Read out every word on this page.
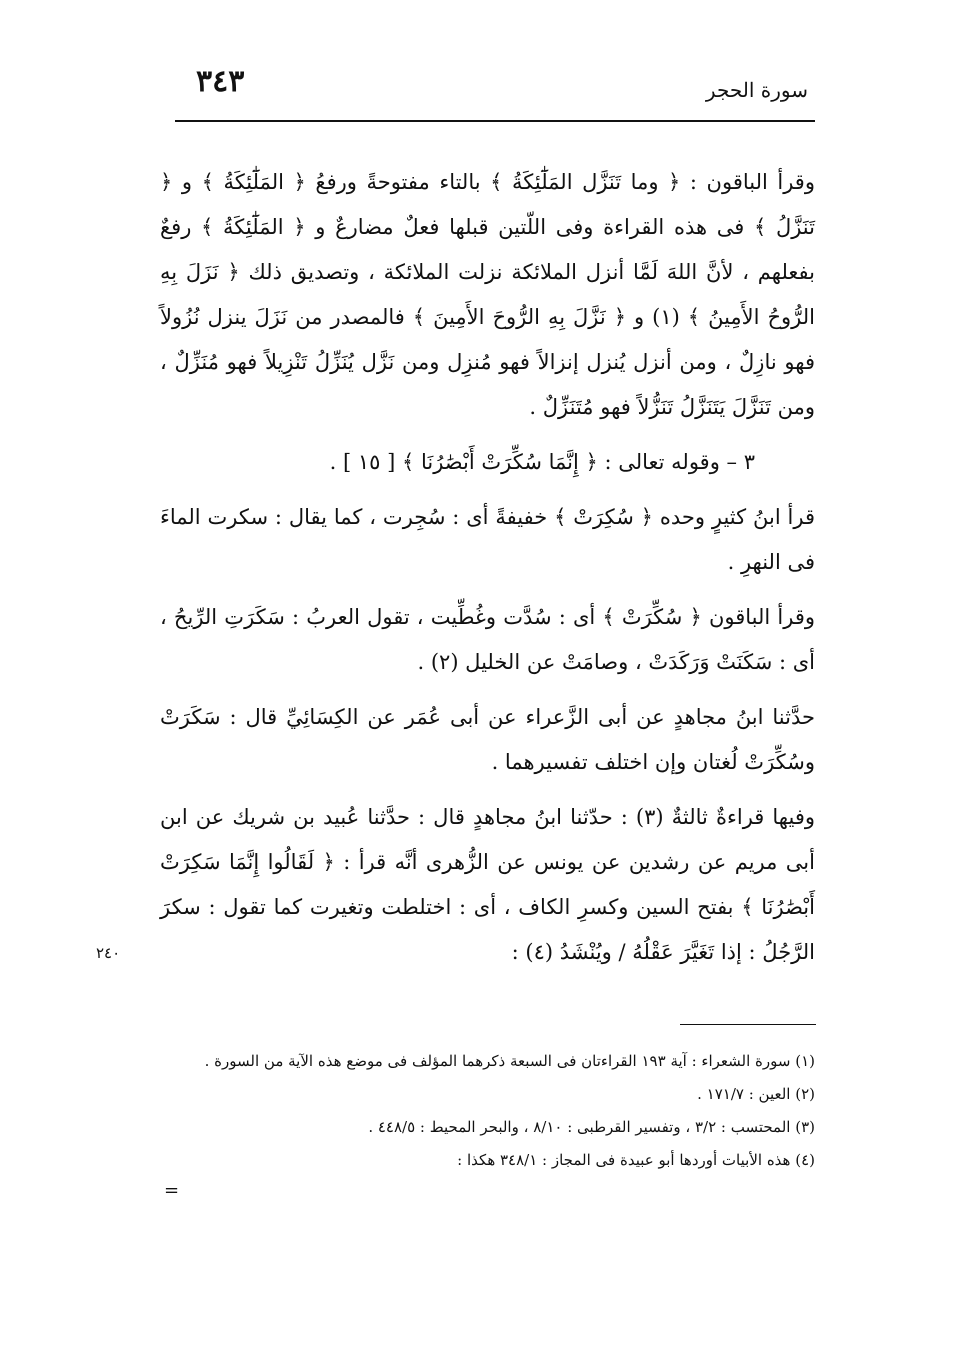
٣٤٣	سورة الحجر

وقرأ الباقون : ﴿ وما تَنَزَّل المَلَٰٓئِكَةُ ﴾ بالتاء مفتوحةً ورفعُ ﴿ المَلَٰٓئِكَةُ ﴾ و ﴿ تَنَزَّلُ ﴾ فى هذه القراءة وفى اللّتين قبلها فعلٌ مضارعٌ و ﴿ المَلَٰٓئِكَةُ ﴾ رفعٌ بفعلهم ، لأنَّ اللهَ لَمَّا أنزل الملائكة نزلت الملائكة ، وتصديق ذلك ﴿ نَزَلَ بِهِ الرُّوحُ الأَمِينُ ﴾ (١) و ﴿ نَزَّلَ بِهِ الرُّوحَ الأَمِينَ ﴾ فالمصدر من نَزَلَ ينزل نُزُولاً فهو نازِلٌ ، ومن أنزل يُنزل إنزالاً فهو مُنزِل ومن نَزَّل يُنَزِّلُ تَنْزِيلاً فهو مُنَزِّلٌ ، ومن تَنَزَّلَ يَتَنَزَّلُ تَنَزُّلاً فهو مُتَنَزِّلٌ .

٣ – وقوله تعالى : ﴿ إِنَّمَا سُكِّرَتْ أَبْصَٰرُنَا ﴾ [ ١٥ ] .

قرأ ابنُ كثيرٍ وحده ﴿ سُكِرَتْ ﴾ خفيفةً أى : سُجِرت ، كما يقال : سكرت الماءَ فى النهرِ .

وقرأ الباقون ﴿ سُكِّرَتْ ﴾ أى : سُدَّت وغُطِّيت ، تقول العربُ : سَكَرَتِ الرِّيحُ ، أى : سَكَنَتْ وَرَكَدَتْ ، وصامَتْ عن الخليل (٢) .

حدَّثنا ابنُ مجاهدٍ عن أبى الزَّعراء عن أبى عُمَر عن الكِسَائِيِّ قال : سَكَرَتْ وسُكِّرَتْ لُغتان وإن اختلف تفسيرهما .

وفيها قراءةٌ ثالثةٌ (٣) : حدّثنا ابنُ مجاهدٍ قال : حدَّثنا عُبيد بن شريك عن ابن أبى مريم عن رشدين عن يونس عن الزُّهرى أنَّه قرأ : ﴿ لَقَالُوا إِنَّمَا سَكِرَتْ أَبْصَٰرُنَا ﴾ بفتح السين وكسرِ الكاف ، أى : اختلطت وتغيرت كما تقول : سكرَ الرَّجُلُ : إذا تَغَيَّرَ عَقْلُهُ / ويُنْشَدُ (٤) :

٢٤٠

(١) سورة الشعراء : آية ١٩٣ القراءتان فى السبعة ذكرهما المؤلف فى موضع هذه الآية من السورة .

(٢) العين : ١٧١/٧ .

(٣) المحتسب : ٣/٢ ، وتفسير القرطبى : ٨/١٠ ، والبحر المحيط : ٤٤٨/٥ .

(٤) هذه الأبيات أوردها أبو عبيدة فى المجاز : ٣٤٨/١ هكذا :

=
